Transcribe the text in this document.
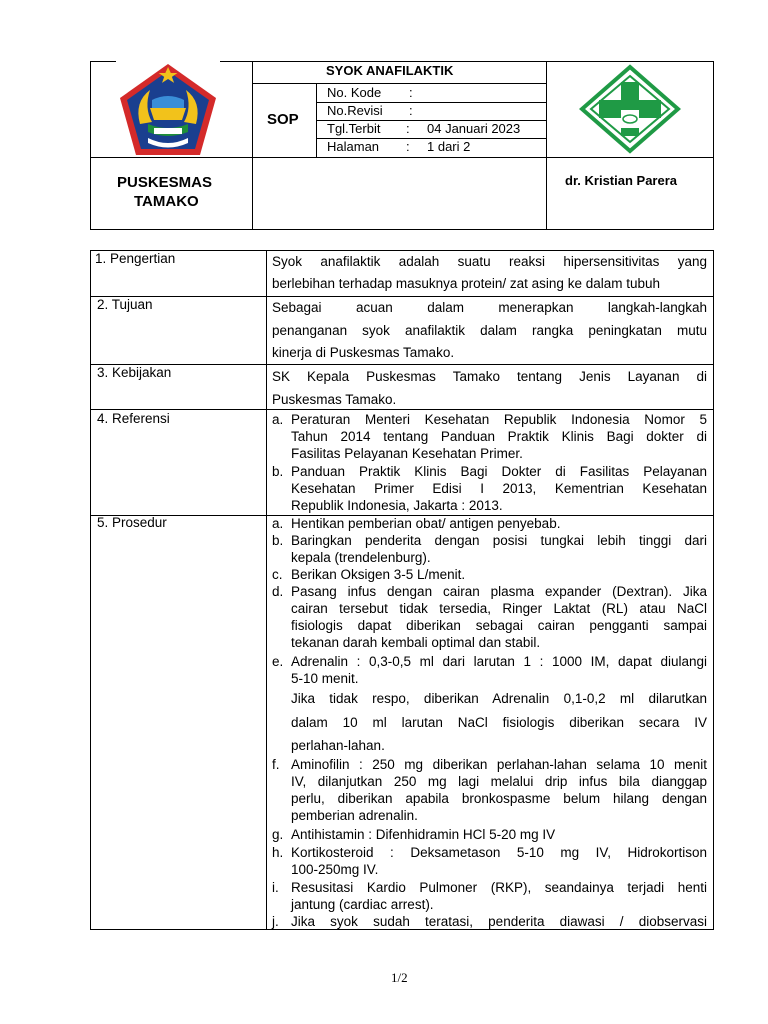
SYOK ANAFILAKTIK
SOP
No. Kode :
No.Revisi :
Tgl.Terbit : 04 Januari 2023
Halaman : 1 dari 2
PUSKESMAS
TAMAKO
dr. Kristian Parera
1. Pengertian
2. Tujuan
3. Kebijakan
4. Referensi
5. Prosedur
Syok anafilaktik adalah suatu reaksi hipersensitivitas yang
berlebihan terhadap masuknya protein/ zat asing ke dalam tubuh
Sebagai acuan dalam menerapkan langkah-langkah
penanganan syok anafilaktik dalam rangka peningkatan mutu
kinerja di Puskesmas Tamako.
SK Kepala Puskesmas Tamako tentang Jenis Layanan di
Puskesmas Tamako.
a. Peraturan Menteri Kesehatan Republik Indonesia Nomor 5
Tahun 2014 tentang Panduan Praktik Klinis Bagi dokter di
Fasilitas Pelayanan Kesehatan Primer.
b. Panduan Praktik Klinis Bagi Dokter di Fasilitas Pelayanan
Kesehatan Primer Edisi I 2013, Kementrian Kesehatan
Republik Indonesia, Jakarta : 2013.
a. Hentikan pemberian obat/ antigen penyebab.
b. Baringkan penderita dengan posisi tungkai lebih tinggi dari
kepala (trendelenburg).
c. Berikan Oksigen 3-5 L/menit.
d. Pasang infus dengan cairan plasma expander (Dextran). Jika
cairan tersebut tidak tersedia, Ringer Laktat (RL) atau NaCl
fisiologis dapat diberikan sebagai cairan pengganti sampai
tekanan darah kembali optimal dan stabil.
e. Adrenalin : 0,3-0,5 ml dari larutan 1 : 1000 IM, dapat diulangi
5-10 menit.
Jika tidak respo, diberikan Adrenalin 0,1-0,2 ml dilarutkan
dalam 10 ml larutan NaCl fisiologis diberikan secara IV
perlahan-lahan.
f. Aminofilin : 250 mg diberikan perlahan-lahan selama 10 menit
IV, dilanjutkan 250 mg lagi melalui drip infus bila dianggap
perlu, diberikan apabila bronkospasme belum hilang dengan
pemberian adrenalin.
g. Antihistamin : Difenhidramin HCl 5-20 mg IV
h. Kortikosteroid : Deksametason 5-10 mg IV, Hidrokortison
100-250mg IV.
i. Resusitasi Kardio Pulmoner (RKP), seandainya terjadi henti
jantung (cardiac arrest).
j. Jika syok sudah teratasi, penderita diawasi / diobservasi
1/2
